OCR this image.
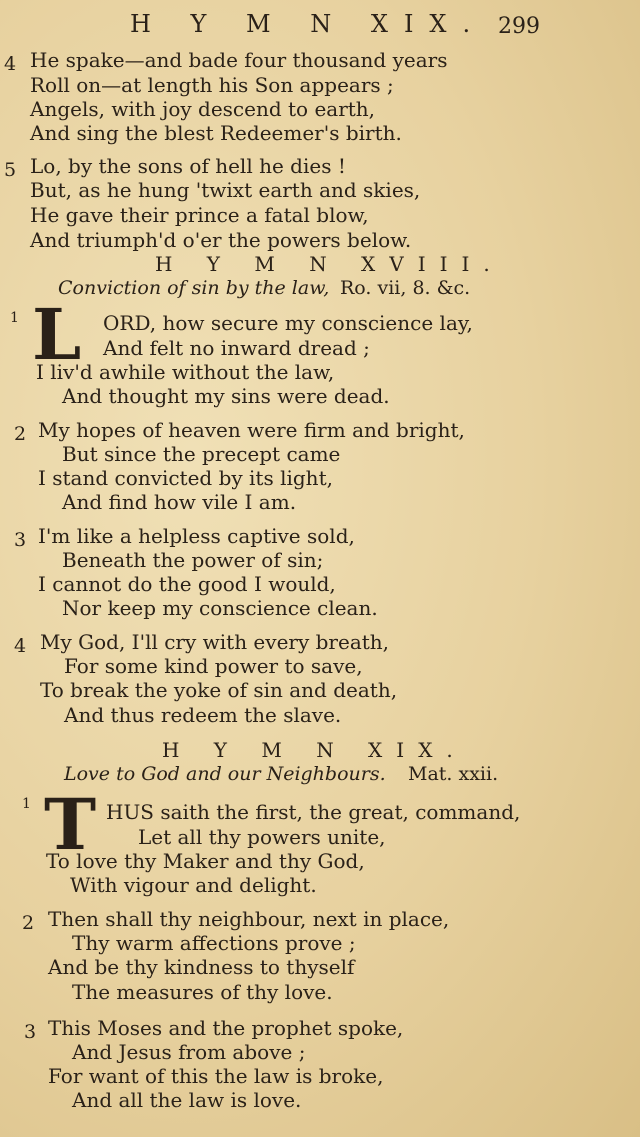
H Y M N XIX. 299
4 He spake—and bade four thousand years
Roll on—at length his Son appears ;
Angels, with joy descend to earth,
And sing the blest Redeemer's birth.
5 Lo, by the sons of hell he dies !
But, as he hung 'twixt earth and skies,
He gave their prince a fatal blow,
And triumph'd o'er the powers below.
H Y M N XVIII.
Conviction of sin by the law, Ro. vii, 8. &c.
1 L ORD, how secure my conscience lay,
And felt no inward dread ;
I liv'd awhile without the law,
And thought my sins were dead.
2 My hopes of heaven were firm and bright,
But since the precept came
I stand convicted by its light,
And find how vile I am.
3 I'm like a helpless captive sold,
Beneath the power of sin;
I cannot do the good I would,
Nor keep my conscience clean.
4 My God, I'll cry with every breath,
For some kind power to save,
To break the yoke of sin and death,
And thus redeem the slave.
H Y M N XIX.
Love to God and our Neighbours. Mat. xxii.
1 T HUS saith the first, the great, command,
Let all thy powers unite,
To love thy Maker and thy God,
With vigour and delight.
2 Then shall thy neighbour, next in place,
Thy warm affections prove ;
And be thy kindness to thyself
The measures of thy love.
3 This Moses and the prophet spoke,
And Jesus from above ;
For want of this the law is broke,
And all the law is love.
